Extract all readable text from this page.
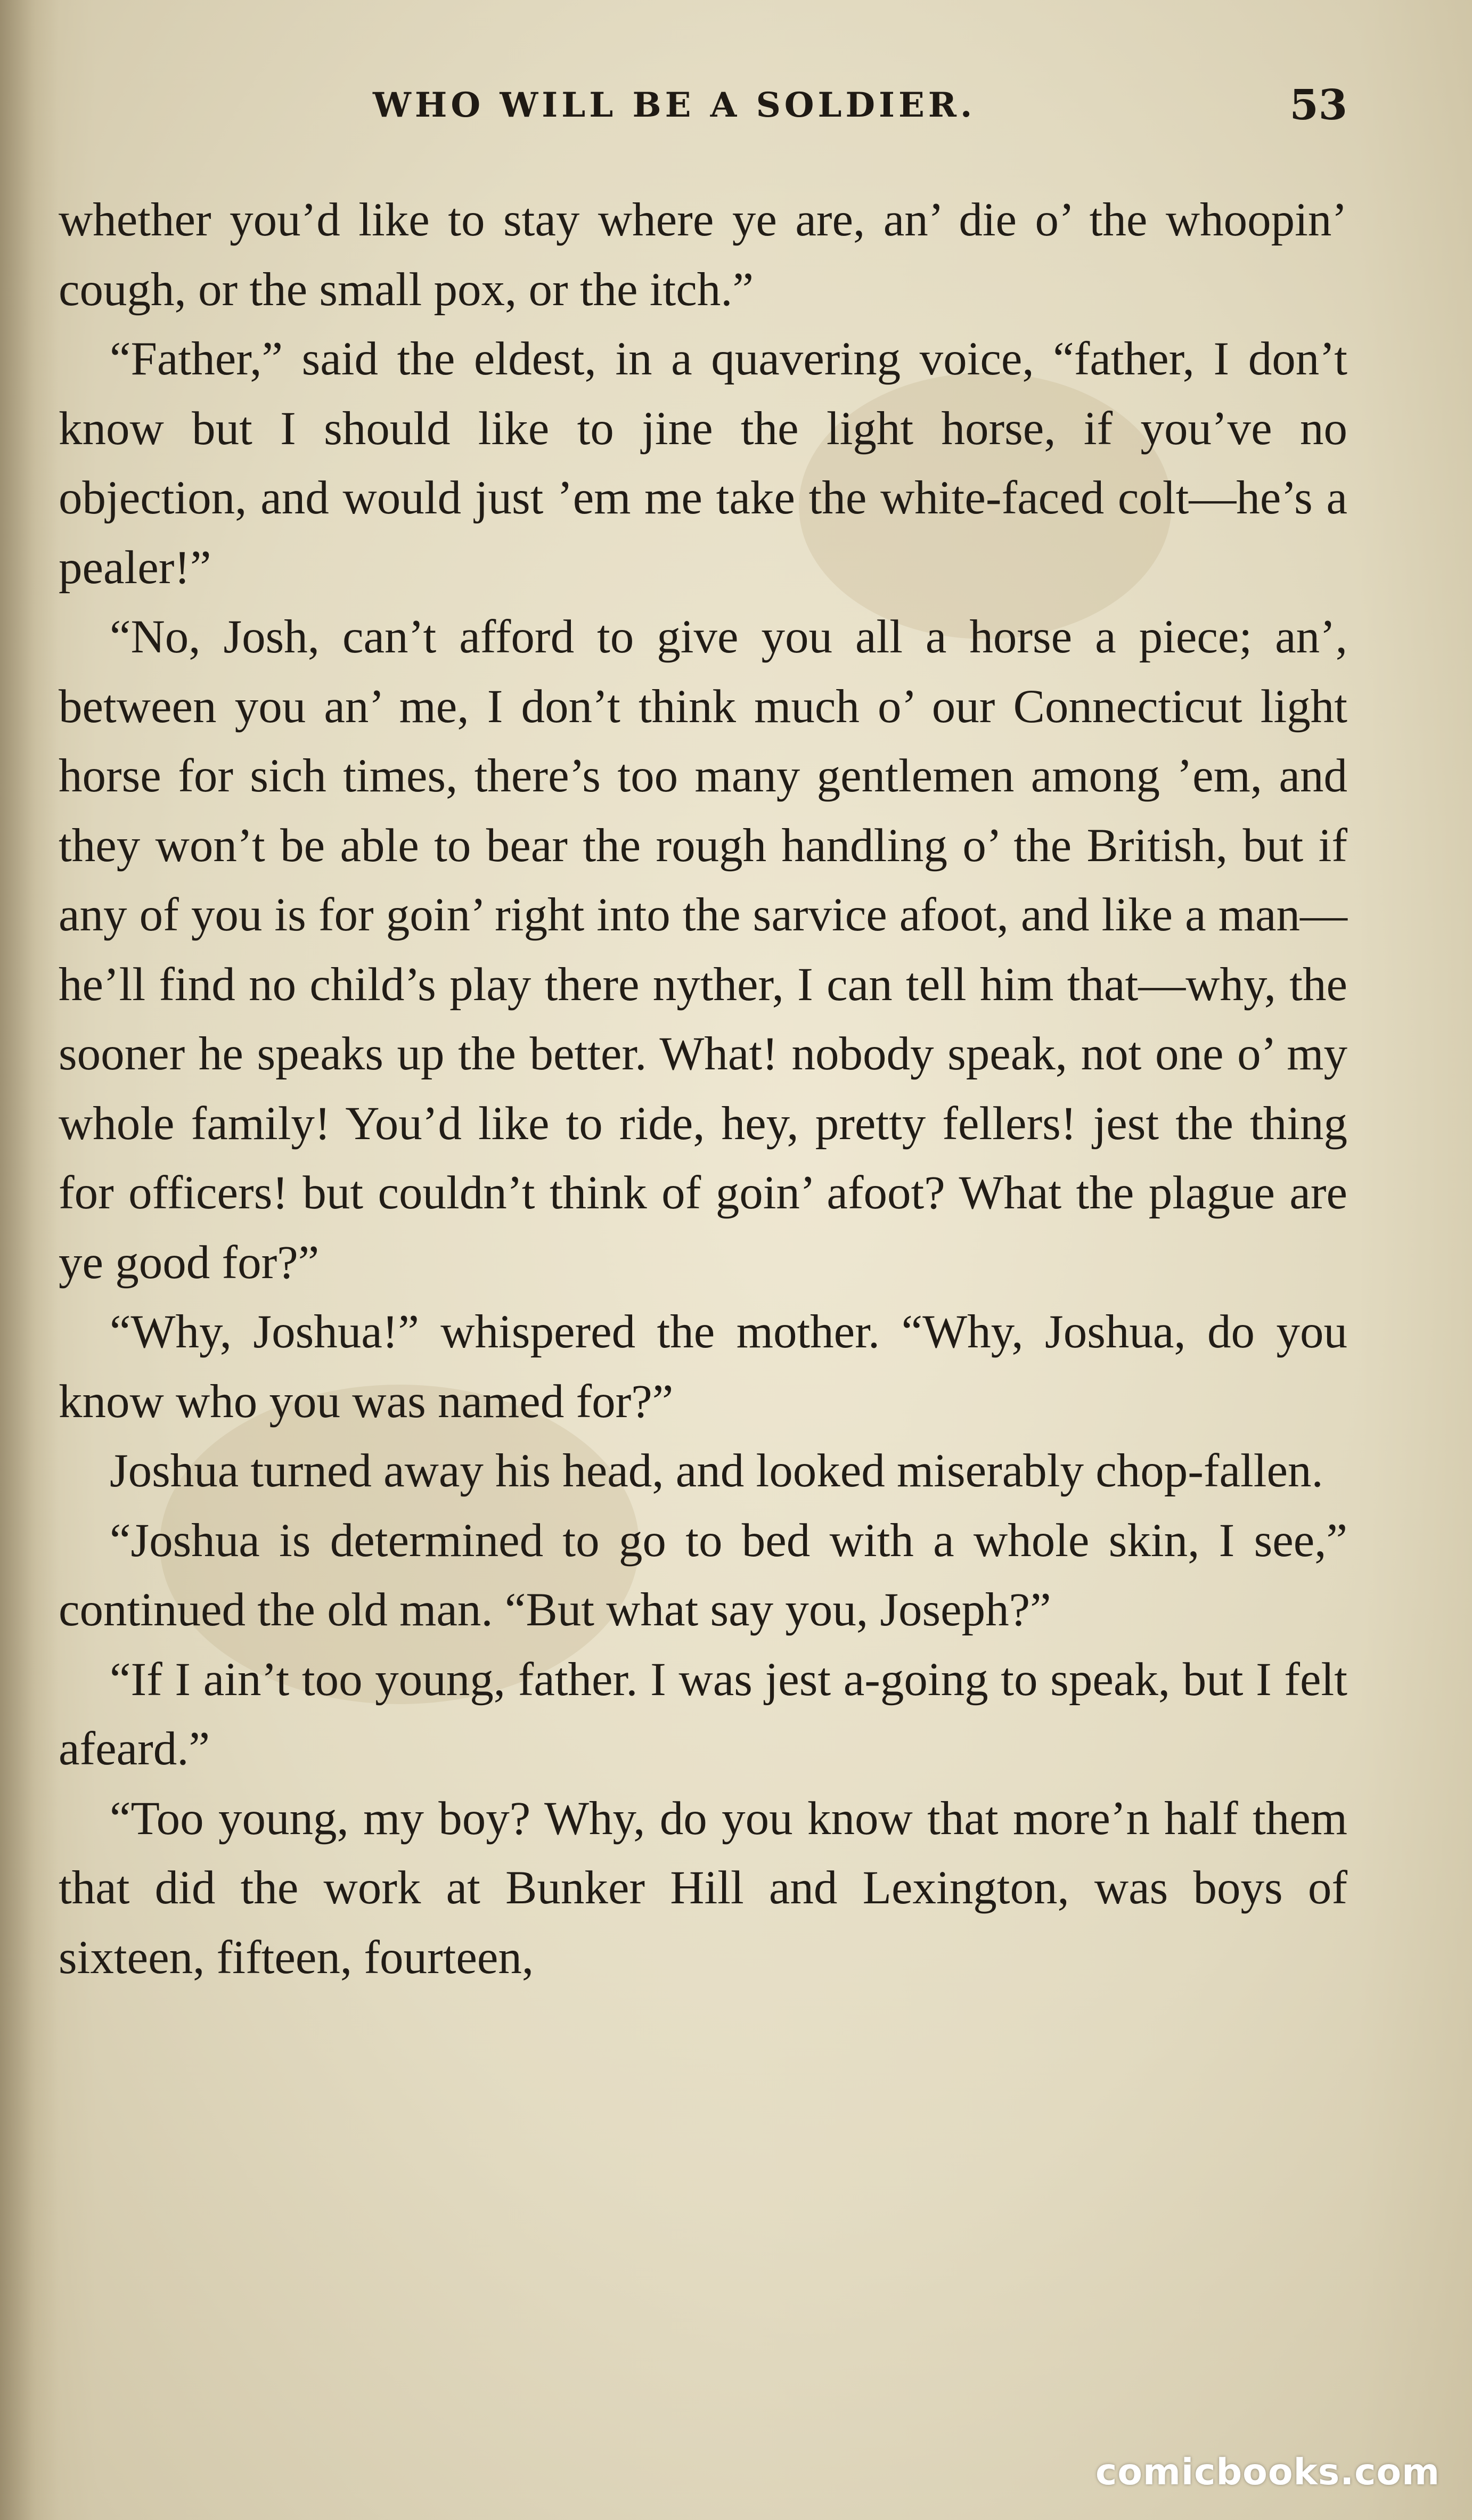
WHO WILL BE A SOLDIER.	53

whether you’d like to stay where ye are, an’ die o’ the whoopin’ cough, or the small pox, or the itch.”

“Father,” said the eldest, in a quavering voice, “father, I don’t know but I should like to jine the light horse, if you’ve no objection, and would just ’em me take the white-faced colt—he’s a pealer!”

“No, Josh, can’t afford to give you all a horse a piece; an’, between you an’ me, I don’t think much o’ our Connecticut light horse for sich times, there’s too many gentlemen among ’em, and they won’t be able to bear the rough handling o’ the British, but if any of you is for goin’ right into the sarvice afoot, and like a man—he’ll find no child’s play there nyther, I can tell him that—why, the sooner he speaks up the better. What! nobody speak, not one o’ my whole family! You’d like to ride, hey, pretty fellers! jest the thing for officers! but couldn’t think of goin’ afoot? What the plague are ye good for?”

“Why, Joshua!” whispered the mother. “Why, Joshua, do you know who you was named for?”

Joshua turned away his head, and looked miserably chop-fallen.

“Joshua is determined to go to bed with a whole skin, I see,” continued the old man. “But what say you, Joseph?”

“If I ain’t too young, father. I was jest a-going to speak, but I felt afeard.”

“Too young, my boy? Why, do you know that more’n half them that did the work at Bunker Hill and Lexington, was boys of sixteen, fifteen, fourteen,

comicbooks.com
